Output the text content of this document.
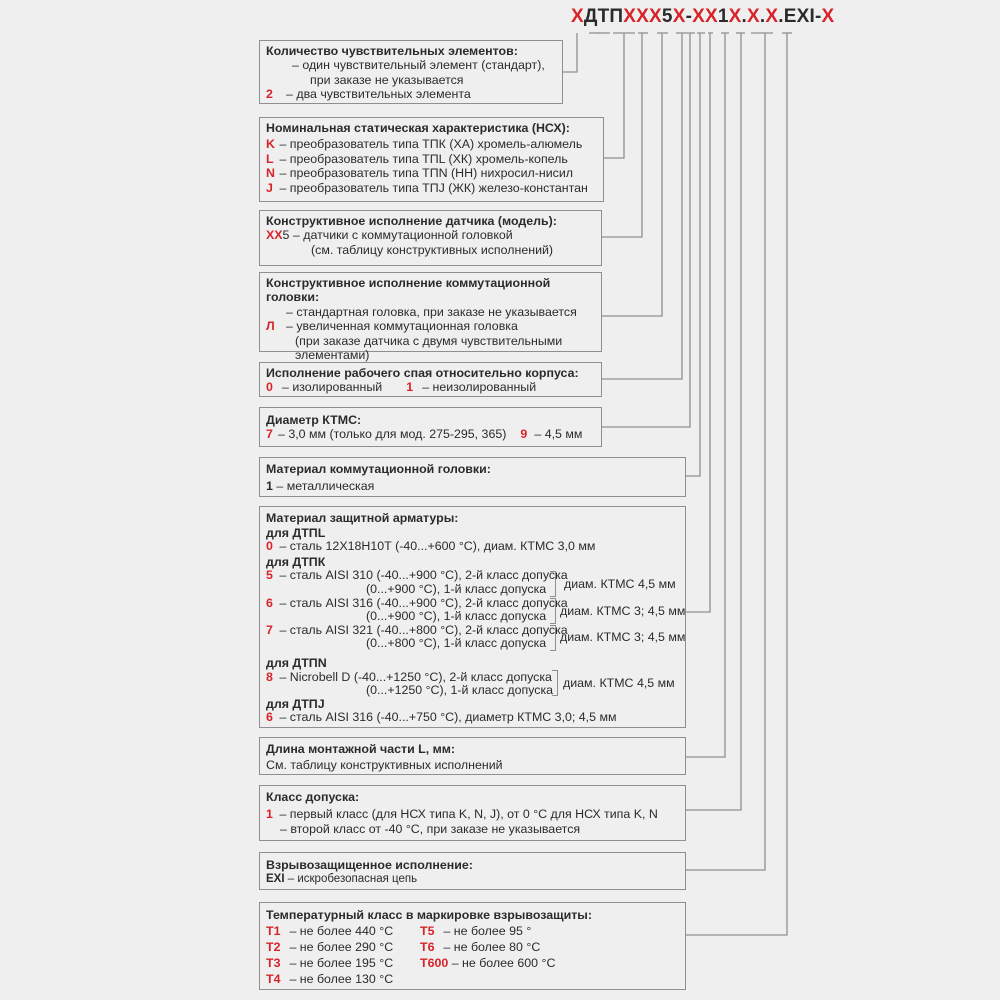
ХДТПХХХ5Х-ХХ1Х.Х.Х.EXI-Х
Количество чувствительных элементов:
– один чувствительный элемент (стандарт),
при заказе не указывается
2 – два чувствительных элемента
Номинальная статическая характеристика (НСХ):
K – преобразователь типа ТПК (ХА) хромель-алюмель
L – преобразователь типа ТПL (ХК) хромель-копель
N – преобразователь типа ТПN (НН) нихросил-нисил
J – преобразователь типа ТПJ (ЖК) железо-константан
Конструктивное исполнение датчика (модель):
ХХ5 – датчики с коммутационной головкой
(см. таблицу конструктивных исполнений)
Конструктивное исполнение коммутационной головки:
– стандартная головка, при заказе не указывается
Л – увеличенная коммутационная головка
(при заказе датчика с двумя чувствительными
элементами)
Исполнение рабочего спая относительно корпуса:
0 – изолированный 1 – неизолированный
Диаметр КТМС:
7 – 3,0 мм (только для мод. 275-295, 365) 9 – 4,5 мм
Материал коммутационной головки:
1 – металлическая
Материал защитной арматуры:
для ДТПL
0 – сталь 12Х18Н10Т (-40...+600 °С), диам. КТМС 3,0 мм
для ДТПК
5 – сталь AISI 310 (-40...+900 °С), 2-й класс допуска
(0...+900 °С), 1-й класс допуска
6 – сталь AISI 316 (-40...+900 °С), 2-й класс допуска
(0...+900 °С), 1-й класс допуска
7 – сталь AISI 321 (-40...+800 °С), 2-й класс допуска
(0...+800 °С), 1-й класс допуска
для ДТПN
8 – Nicrobell D (-40...+1250 °С), 2-й класс допуска
(0...+1250 °С), 1-й класс допуска
для ДТПJ
6 – сталь AISI 316 (-40...+750 °С), диаметр КТМС 3,0; 4,5 мм
диам. КТМС 4,5 мм
диам. КТМС 3; 4,5 мм
диам. КТМС 3; 4,5 мм
диам. КТМС 4,5 мм
Длина монтажной части L, мм:
См. таблицу конструктивных исполнений
Класс допуска:
1 – первый класс (для НСХ типа K, N, J), от 0 °С для НСХ типа K, N
– второй класс от -40 °С, при заказе не указывается
Взрывозащищенное исполнение:
EXI – искробезопасная цепь
Температурный класс в маркировке взрывозащиты:
Т1 – не более 440 °С
Т2 – не более 290 °С
Т3 – не более 195 °С
Т4 – не более 130 °С
Т5 – не более 95 °
Т6 – не более 80 °С
Т600 – не более 600 °С
